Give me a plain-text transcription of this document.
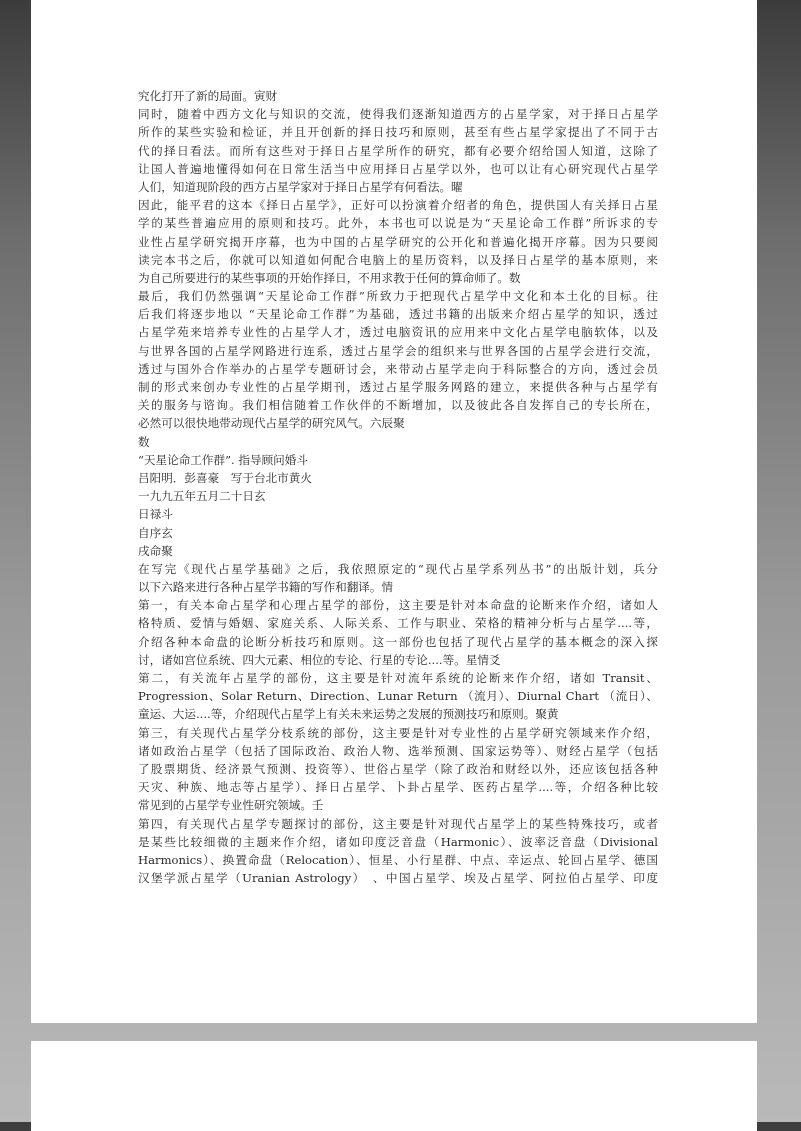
究化打开了新的局面。寅财
同时，随着中西方文化与知识的交流，使得我们逐渐知道西方的占星学家，对于择日占星学
所作的某些实验和检证，并且开创新的择日技巧和原则，甚至有些占星学家提出了不同于古
代的择日看法。而所有这些对于择日占星学所作的研究，都有必要介绍给国人知道，这除了
让国人普遍地懂得如何在日常生活当中应用择日占星学以外，也可以让有心研究现代占星学
人们，知道现阶段的西方占星学家对于择日占星学有何看法。曜
因此，能平君的这本《择日占星学》，正好可以扮演着介绍者的角色，提供国人有关择日占星
学的某些普遍应用的原则和技巧。此外，本书也可以说是为“天星论命工作群”所诉求的专
业性占星学研究揭开序幕，也为中国的占星学研究的公开化和普遍化揭开序幕。因为只要阅
读完本书之后，你就可以知道如何配合电脑上的星历资料，以及择日占星学的基本原则，来
为自己所要进行的某些事项的开始作择日，不用求教于任何的算命师了。数
最后，我们仍然强调“天星论命工作群”所致力于把现代占星学中文化和本土化的目标。往
后我们将逐步地以 “天星论命工作群”为基础，透过书籍的出版来介绍占星学的知识，透过
占星学苑来培养专业性的占星学人才，透过电脑资讯的应用来中文化占星学电脑软体，以及
与世界各国的占星学网路进行连系，透过占星学会的组织来与世界各国的占星学会进行交流，
透过与国外合作举办的占星学专题研讨会，来带动占星学走向于科际整合的方向，透过会员
制的形式来创办专业性的占星学期刊，透过占星学服务网路的建立，来提供各种与占星学有
关的服务与谘询。我们相信随着工作伙伴的不断增加，以及彼此各自发挥自己的专长所在，
必然可以很快地带动现代占星学的研究风气。六辰聚
数
“天星论命工作群”. 指导顾问婚斗
吕阳明．彭喜豪　写于台北市黄火
一九九五年五月二十日玄
日禄斗
自序玄
戌命聚
在写完《现代占星学基础》之后，我依照原定的“现代占星学系列丛书”的出版计划，兵分
以下六路来进行各种占星学书籍的写作和翻译。情
第一，有关本命占星学和心理占星学的部份，这主要是针对本命盘的论断来作介绍，诸如人
格特质、爱情与婚姻、家庭关系、人际关系、工作与职业、荣格的精神分析与占星学....等，
介绍各种本命盘的论断分析技巧和原则。这一部份也包括了现代占星学的基本概念的深入探
讨，诸如宫位系统、四大元素、相位的专论、行星的专论....等。星情爻
第二，有关流年占星学的部份，这主要是针对流年系统的论断来作介绍，诸如 Transit、
Progression、Solar Return、Direction、Lunar Return （流月）、Diurnal Chart （流日）、
童运、大运....等，介绍现代占星学上有关未来运势之发展的预测技巧和原则。聚黄
第三，有关现代占星学分枝系统的部份，这主要是针对专业性的占星学研究领域来作介绍，
诸如政治占星学（包括了国际政治、政治人物、选举预测、国家运势等）、财经占星学（包括
了股票期货、经济景气预测、投资等）、世俗占星学（除了政治和财经以外，还应该包括各种
天灾、种族、地志等占星学）、择日占星学、卜卦占星学、医药占星学....等，介绍各种比较
常见到的占星学专业性研究领域。壬
第四，有关现代占星学专题探讨的部份，这主要是针对现代占星学上的某些特殊技巧，或者
是某些比较细微的主题来作介绍，诸如印度泛音盘（Harmonic）、波率泛音盘（Divisional
Harmonics）、换置命盘（Relocation）、恒星、小行星群、中点、幸运点、轮回占星学、德国
汉堡学派占星学（Uranian Astrology）　、中国占星学、埃及占星学、阿拉伯占星学、印度
